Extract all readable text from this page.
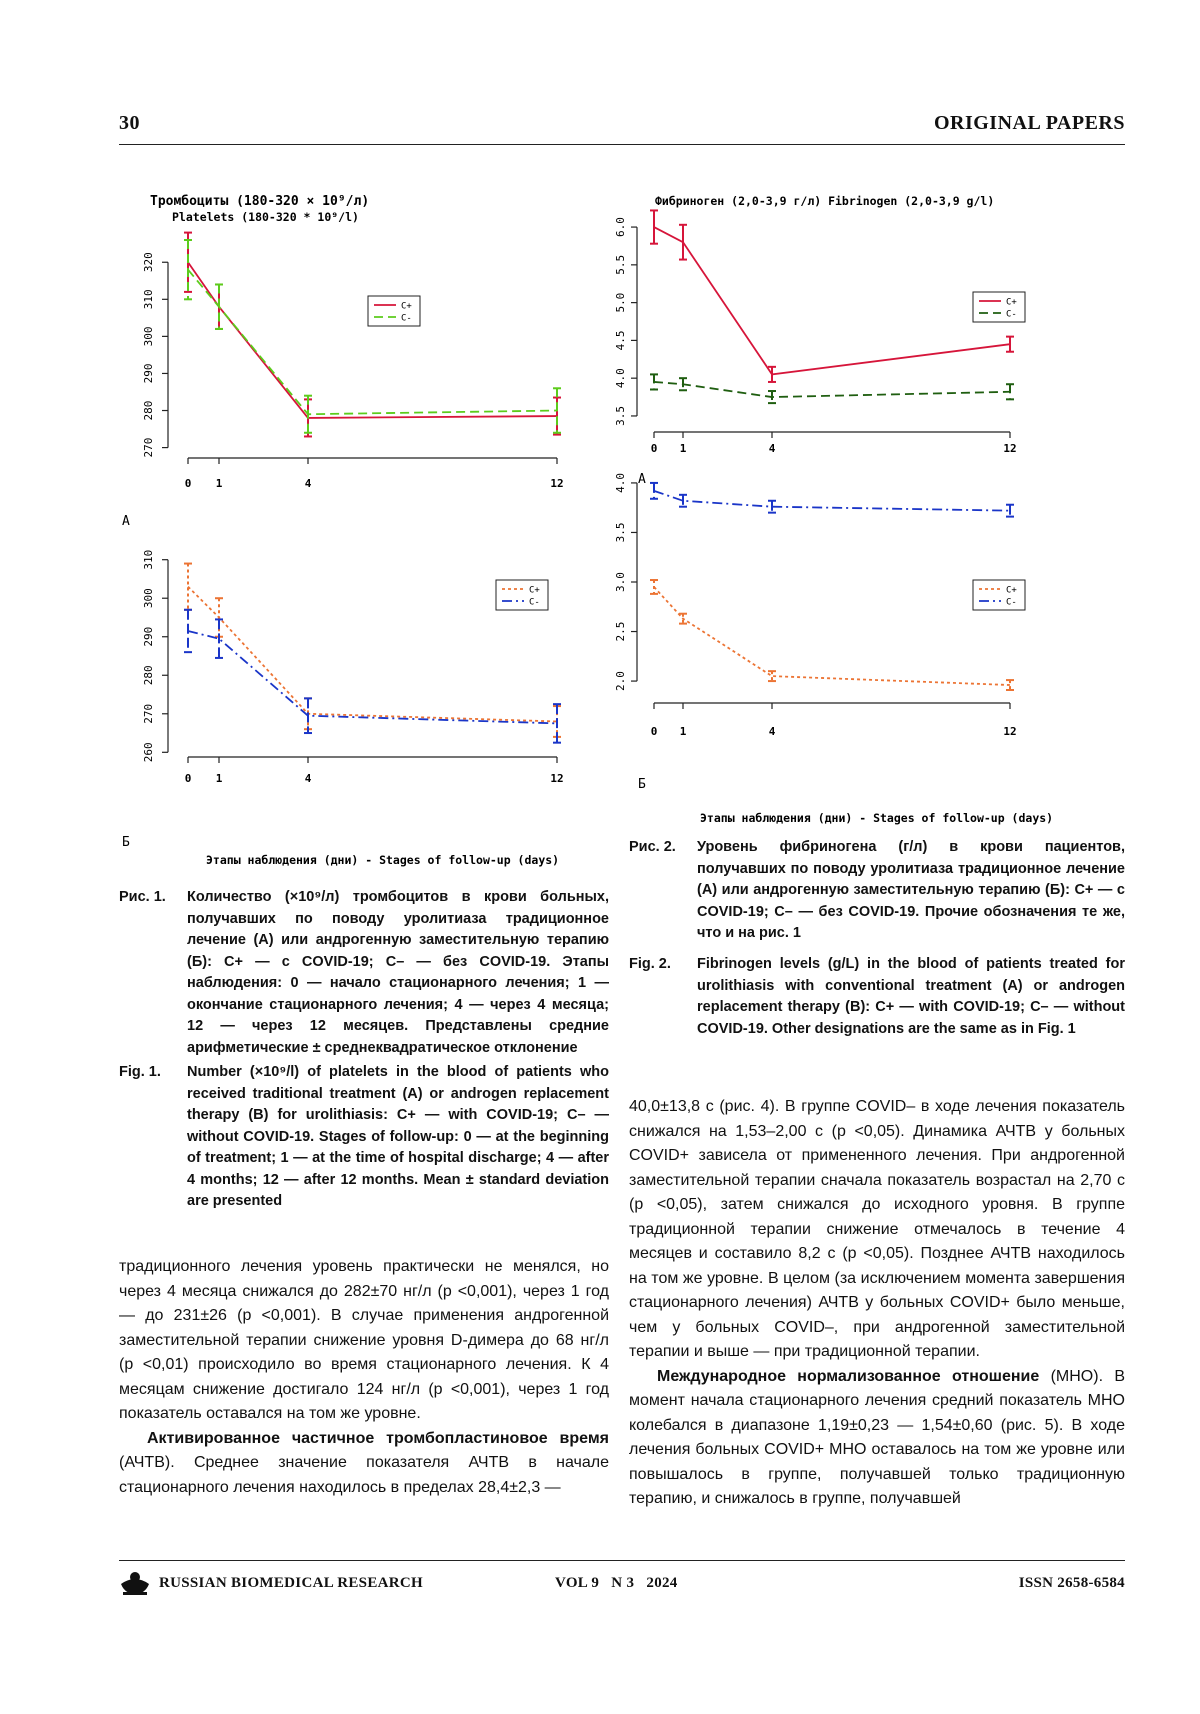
30	ORIGINAL PAPERS
Тромбоциты (180-320 × 10⁹/л)
Platelets (180-320 * 10⁹/l)
А
270
280
290
300
310
320
0 1	4	12
C+
C-
Б
Этапы наблюдения (дни) - Stages of follow-up (days)
260
270
280
290
300
310
0 1	4	12
C+
C-
Фибриноген (2,0-3,9 г/л) Fibrinogen (2,0-3,9 g/l)
А
3.5
4.0
4.5
5.0
5.5
6.0
0 1	4	12
C+
C-
Б
Этапы наблюдения (дни) - Stages of follow-up (days)
2.0
2.5
3.0
3.5
4.0
0 1	4	12
C+
C-
Рис. 1. Количество (×10⁹/л) тромбоцитов в крови больных, получавших по поводу уролитиаза традиционное лечение (А) или андрогенную заместительную терапию (Б): С+ — с COVID-19; С– — без COVID-19. Этапы наблюдения: 0 — начало стационарного лечения; 1 — окончание стационарного лечения; 4 — через 4 месяца; 12 — через 12 месяцев. Представлены средние арифметические ± среднеквадратическое отклонение
Fig. 1. Number (×10⁹/l) of platelets in the blood of patients who received traditional treatment (A) or androgen replacement therapy (B) for urolithiasis: C+ — with COVID-19; C– — without COVID-19. Stages of follow-up: 0 — at the beginning of treatment; 1 — at the time of hospital discharge; 4 — after 4 months; 12 — after 12 months. Mean ± standard deviation are presented
Рис. 2. Уровень фибриногена (г/л) в крови пациентов, получавших по поводу уролитиаза традиционное лечение (А) или андрогенную заместительную терапию (Б): С+ — с COVID-19; С– — без COVID-19. Прочие обозначения те же, что и на рис. 1
Fig. 2. Fibrinogen levels (g/L) in the blood of patients treated for urolithiasis with conventional treatment (A) or androgen replacement therapy (B): C+ — with COVID-19; C– — without COVID-19. Other designations are the same as in Fig. 1

традиционного лечения уровень практически не менялся, но через 4 месяца снижался до 282±70 нг/л (р <0,001), через 1 год — до 231±26 (р <0,001). В случае применения андрогенной заместительной терапии снижение уровня D-димера до 68 нг/л (р <0,01) происходило во время стационарного лечения. К 4 месяцам снижение достигало 124 нг/л (р <0,001), через 1 год показатель оставался на том же уровне.

Активированное частичное тромбопластиновое время (АЧТВ). Среднее значение показателя АЧТВ в начале стационарного лечения находилось в пределах 28,4±2,3 —

40,0±13,8 с (рис. 4). В группе COVID– в ходе лечения показатель снижался на 1,53–2,00 с (р <0,05). Динамика АЧТВ у больных COVID+ зависела от примененного лечения. При андрогенной заместительной терапии сначала показатель возрастал на 2,70 с (р <0,05), затем снижался до исходного уровня. В группе традиционной терапии снижение отмечалось в течение 4 месяцев и составило 8,2 с (р <0,05). Позднее АЧТВ находилось на том же уровне. В целом (за исключением момента завершения стационарного лечения) АЧТВ у больных COVID+ было меньше, чем у больных COVID–, при андрогенной заместительной терапии и выше — при традиционной терапии.

Международное нормализованное отношение (МНО). В момент начала стационарного лечения средний показатель МНО колебался в диапазоне 1,19±0,23 — 1,54±0,60 (рис. 5). В ходе лечения больных COVID+ МНО оставалось на том же уровне или повышалось в группе, получавшей только традиционную терапию, и снижалось в группе, получавшей

RUSSIAN BIOMEDICAL RESEARCH	VOL 9   N 3   2024	ISSN 2658-6584
